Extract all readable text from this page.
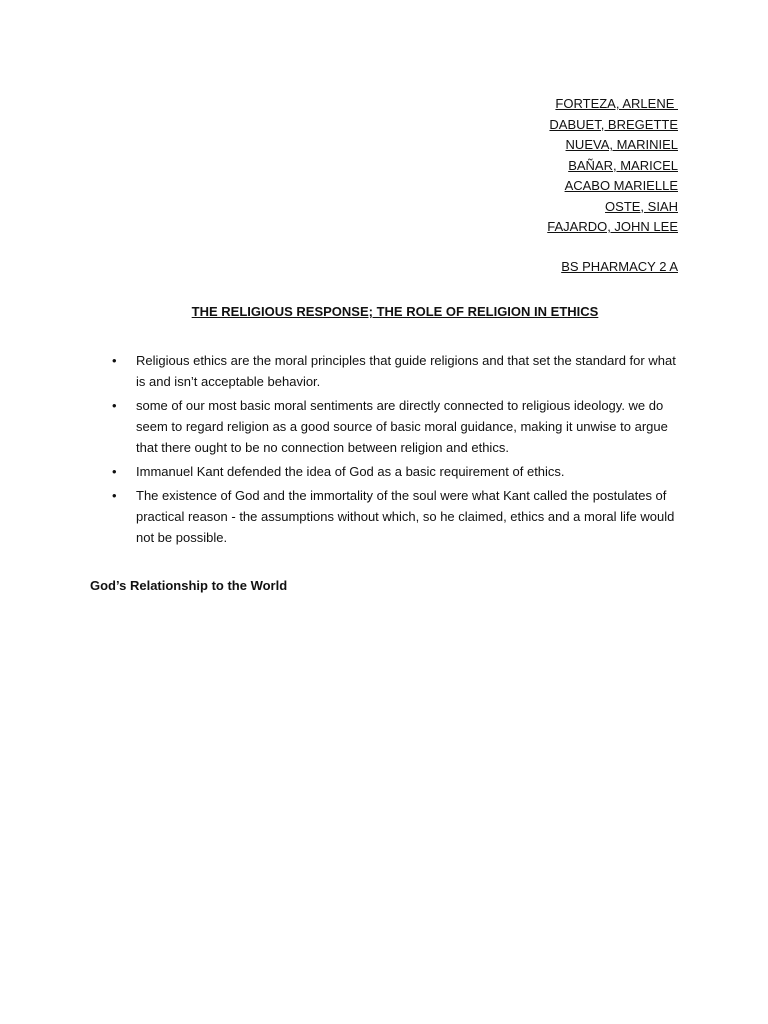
FORTEZA, ARLENE
DABUET, BREGETTE
NUEVA, MARINIEL
BAÑAR, MARICEL
ACABO MARIELLE
OSTE, SIAH
FAJARDO, JOHN LEE
BS PHARMACY 2 A
THE RELIGIOUS RESPONSE; THE ROLE OF RELIGION IN ETHICS
• Religious ethics are the moral principles that guide religions and that set the standard for what is and isn’t acceptable behavior.
• some of our most basic moral sentiments are directly connected to religious ideology. we do seem to regard religion as a good source of basic moral guidance, making it unwise to argue that there ought to be no connection between religion and ethics.
• Immanuel Kant defended the idea of God as a basic requirement of ethics.
• The existence of God and the immortality of the soul were what Kant called the postulates of practical reason - the assumptions without which, so he claimed, ethics and a moral life would not be possible.
God’s Relationship to the World
